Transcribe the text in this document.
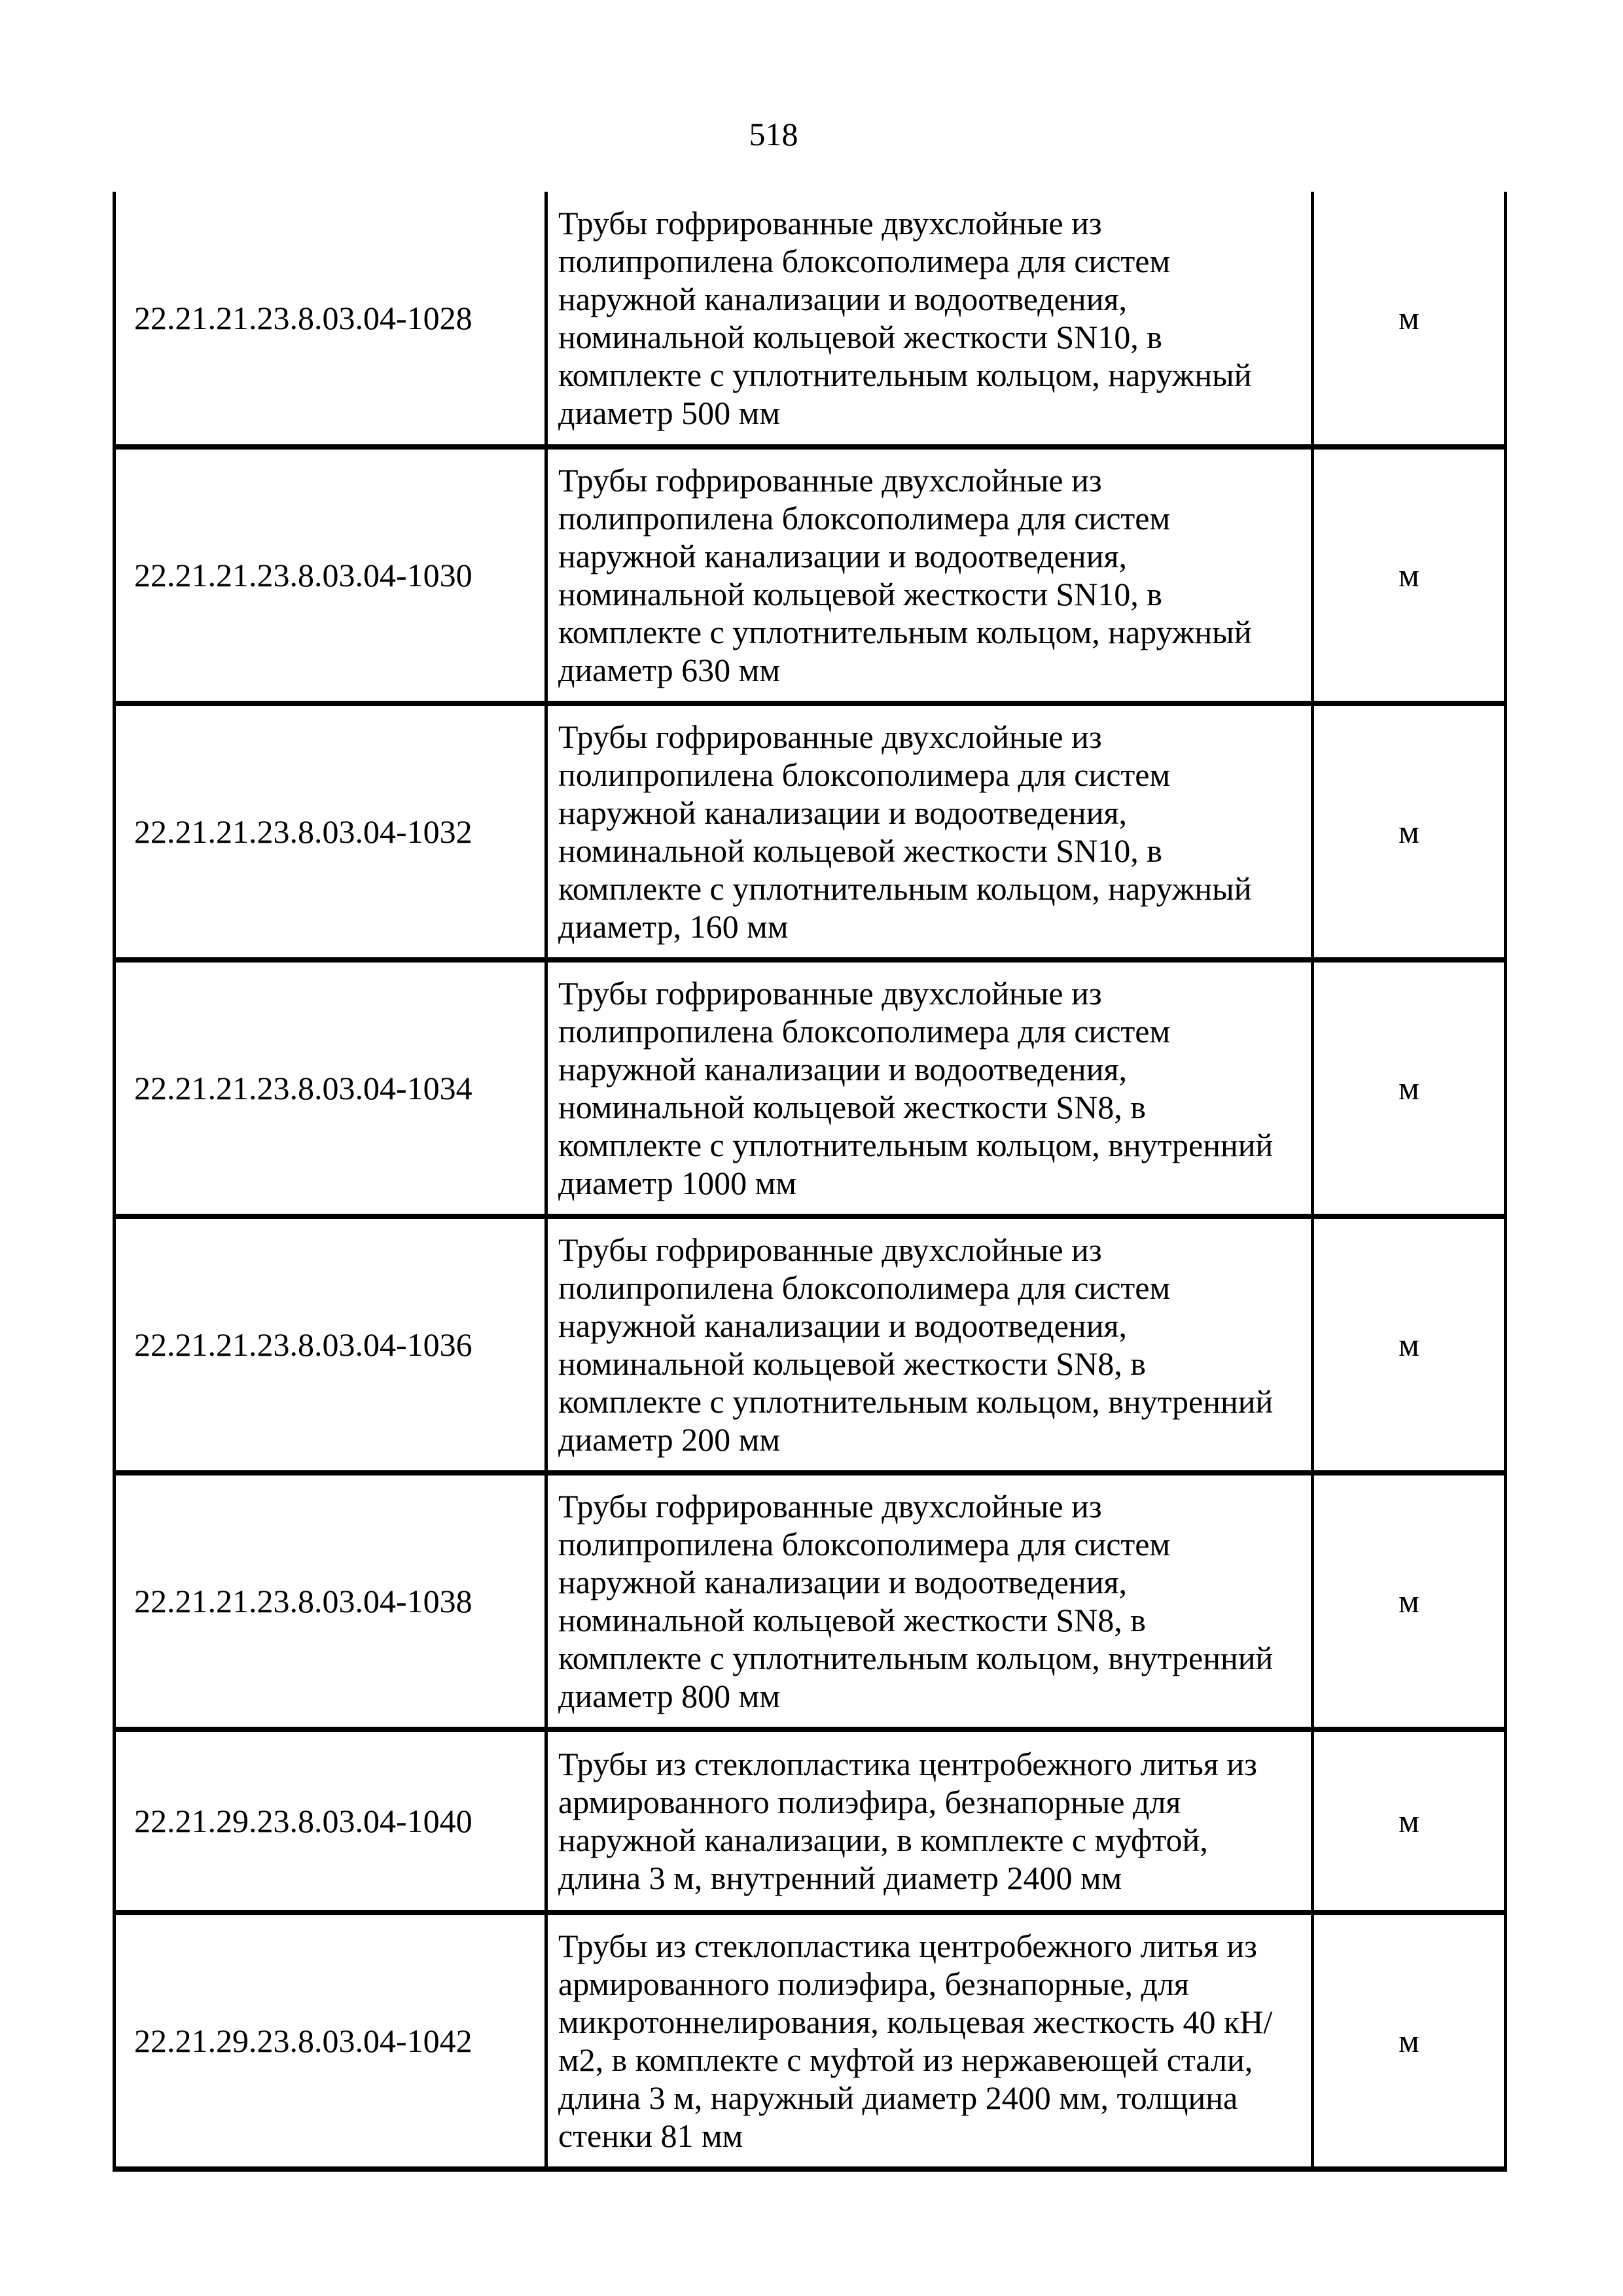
518
22.21.21.23.8.03.04-1028	Трубы гофрированные двухслойные из полипропилена блоксополимера для систем наружной канализации и водоотведения, номинальной кольцевой жесткости SN10, в комплекте с уплотнительным кольцом, наружный диаметр 500 мм	м
22.21.21.23.8.03.04-1030	Трубы гофрированные двухслойные из полипропилена блоксополимера для систем наружной канализации и водоотведения, номинальной кольцевой жесткости SN10, в комплекте с уплотнительным кольцом, наружный диаметр 630 мм	м
22.21.21.23.8.03.04-1032	Трубы гофрированные двухслойные из полипропилена блоксополимера для систем наружной канализации и водоотведения, номинальной кольцевой жесткости SN10, в комплекте с уплотнительным кольцом, наружный диаметр, 160 мм	м
22.21.21.23.8.03.04-1034	Трубы гофрированные двухслойные из полипропилена блоксополимера для систем наружной канализации и водоотведения, номинальной кольцевой жесткости SN8, в комплекте с уплотнительным кольцом, внутренний диаметр 1000 мм	м
22.21.21.23.8.03.04-1036	Трубы гофрированные двухслойные из полипропилена блоксополимера для систем наружной канализации и водоотведения, номинальной кольцевой жесткости SN8, в комплекте с уплотнительным кольцом, внутренний диаметр 200 мм	м
22.21.21.23.8.03.04-1038	Трубы гофрированные двухслойные из полипропилена блоксополимера для систем наружной канализации и водоотведения, номинальной кольцевой жесткости SN8, в комплекте с уплотнительным кольцом, внутренний диаметр 800 мм	м
22.21.29.23.8.03.04-1040	Трубы из стеклопластика центробежного литья из армированного полиэфира, безнапорные для наружной канализации, в комплекте с муфтой, длина 3 м, внутренний диаметр 2400 мм	м
22.21.29.23.8.03.04-1042	Трубы из стеклопластика центробежного литья из армированного полиэфира, безнапорные, для микротоннелирования, кольцевая жесткость 40 кН/м2, в комплекте с муфтой из нержавеющей стали, длина 3 м, наружный диаметр 2400 мм, толщина стенки 81 мм	м
